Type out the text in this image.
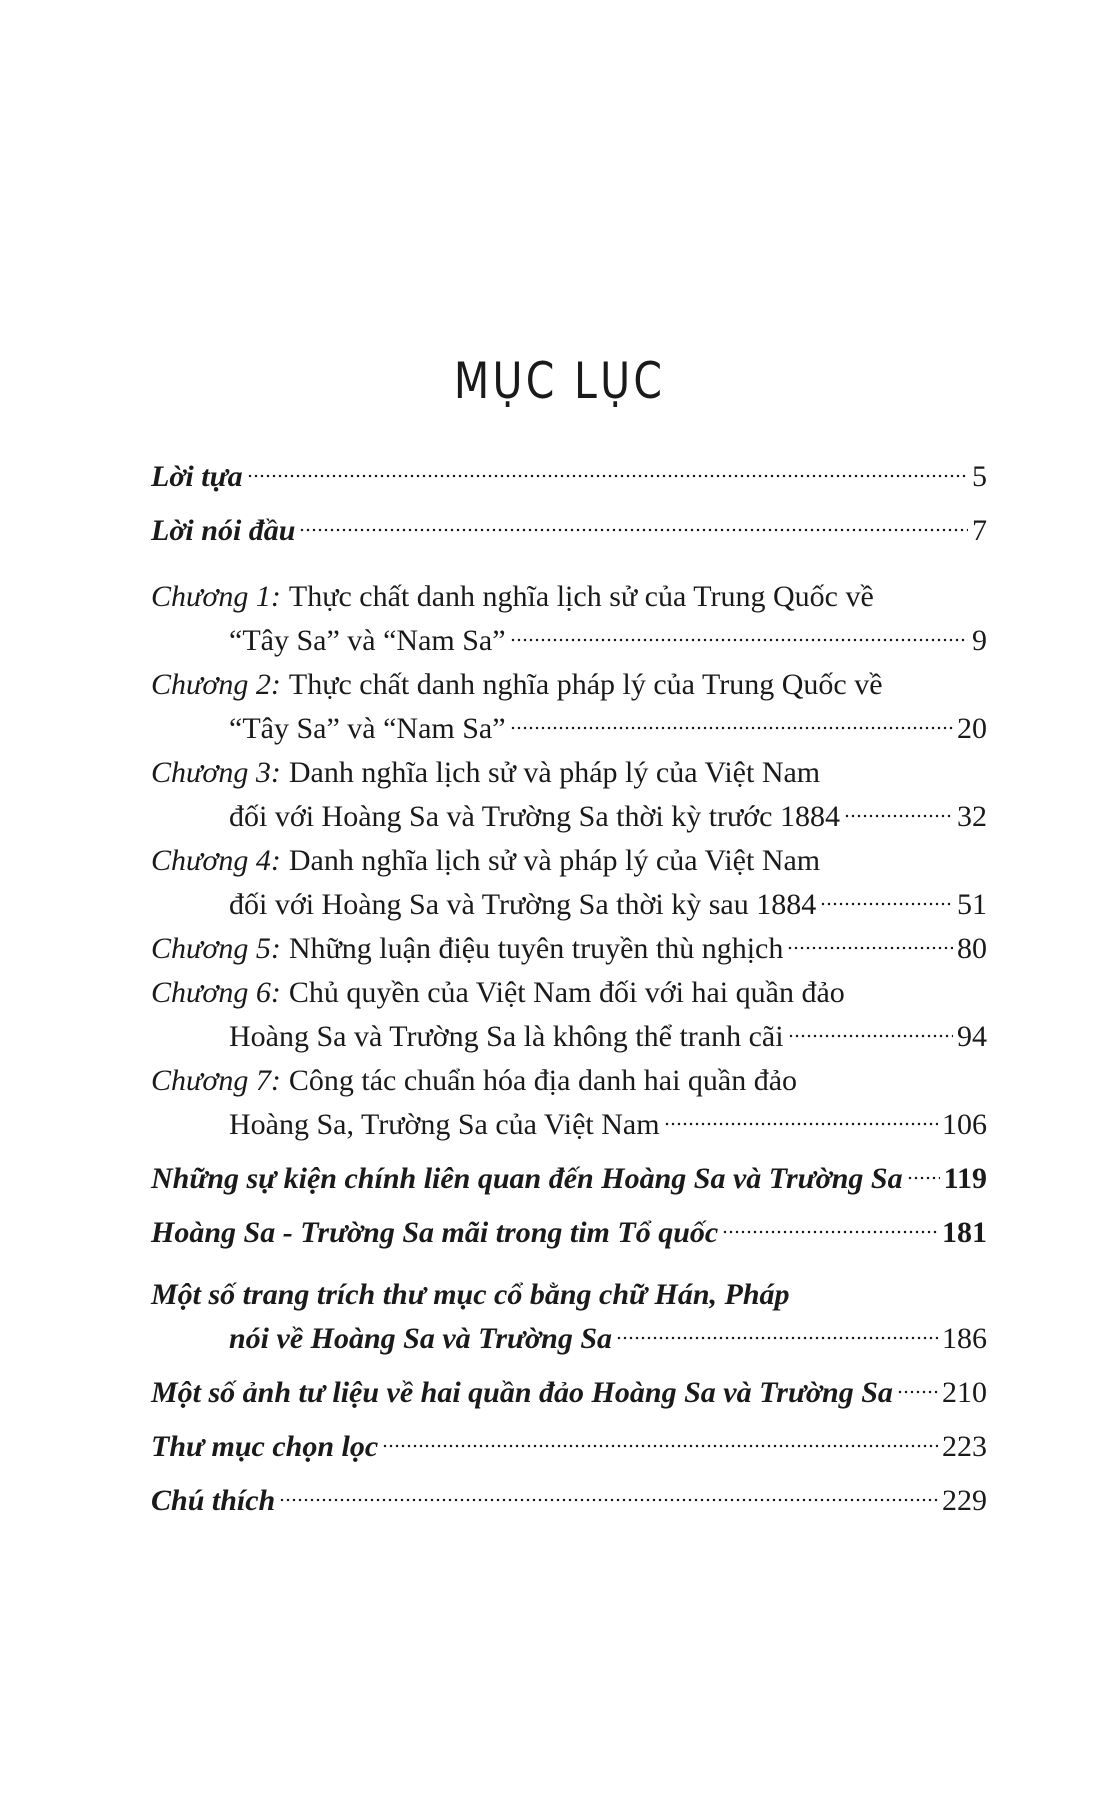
MỤC LỤC
Lời tựa	5
Lời nói đầu	7
Chương 1: Thực chất danh nghĩa lịch sử của Trung Quốc về
“Tây Sa” và “Nam Sa”	9
Chương 2: Thực chất danh nghĩa pháp lý của Trung Quốc về
“Tây Sa” và “Nam Sa”	20
Chương 3: Danh nghĩa lịch sử và pháp lý của Việt Nam
đối với Hoàng Sa và Trường Sa thời kỳ trước 1884	32
Chương 4: Danh nghĩa lịch sử và pháp lý của Việt Nam
đối với Hoàng Sa và Trường Sa thời kỳ sau 1884	51
Chương 5: Những luận điệu tuyên truyền thù nghịch	80
Chương 6: Chủ quyền của Việt Nam đối với hai quần đảo
Hoàng Sa và Trường Sa là không thể tranh cãi	94
Chương 7: Công tác chuẩn hóa địa danh hai quần đảo
Hoàng Sa, Trường Sa của Việt Nam	106
Những sự kiện chính liên quan đến Hoàng Sa và Trường Sa 119
Hoàng Sa - Trường Sa mãi trong tim Tổ quốc	181
Một số trang trích thư mục cổ bằng chữ Hán, Pháp
nói về Hoàng Sa và Trường Sa	186
Một số ảnh tư liệu về hai quần đảo Hoàng Sa và Trường Sa 210
Thư mục chọn lọc	223
Chú thích	229
